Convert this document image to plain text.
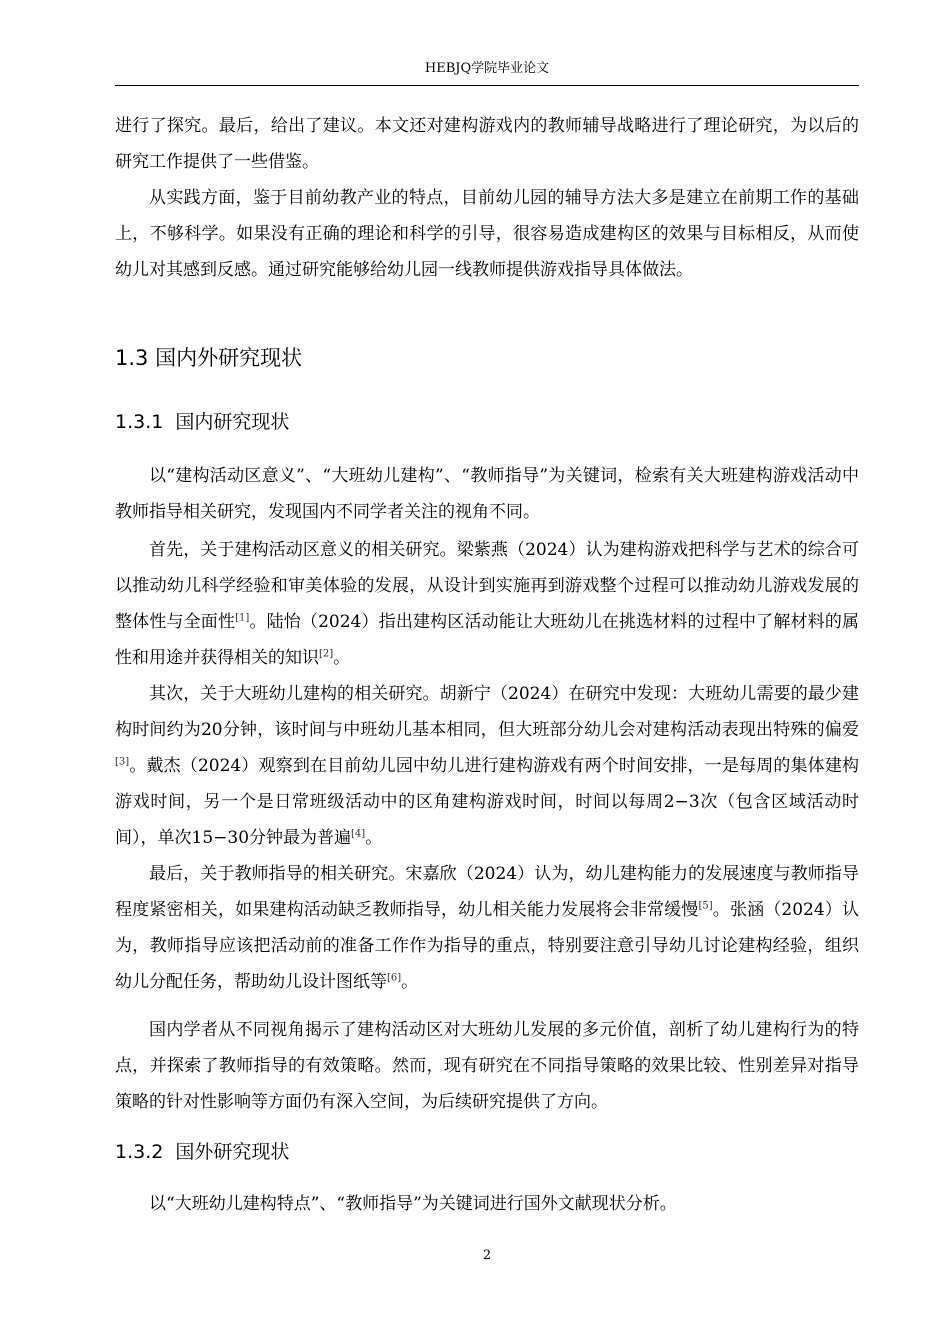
HEBJQ学院毕业论文

进行了探究。最后，给出了建议。本文还对建构游戏内的教师辅导战略进行了理论研究，为以后的研究工作提供了一些借鉴。

从实践方面，鉴于目前幼教产业的特点，目前幼儿园的辅导方法大多是建立在前期工作的基础上，不够科学。如果没有正确的理论和科学的引导，很容易造成建构区的效果与目标相反，从而使幼儿对其感到反感。通过研究能够给幼儿园一线教师提供游戏指导具体做法。

1.3 国内外研究现状
1.3.1 国内研究现状

以“建构活动区意义”、“大班幼儿建构”、“教师指导”为关键词，检索有关大班建构游戏活动中教师指导相关研究，发现国内不同学者关注的视角不同。

首先，关于建构活动区意义的相关研究。梁紫燕（2024）认为建构游戏把科学与艺术的综合可以推动幼儿科学经验和审美体验的发展，从设计到实施再到游戏整个过程可以推动幼儿游戏发展的整体性与全面性[1]。陆怡（2024）指出建构区活动能让大班幼儿在挑选材料的过程中了解材料的属性和用途并获得相关的知识[2]。

其次，关于大班幼儿建构的相关研究。胡新宁（2024）在研究中发现：大班幼儿需要的最少建构时间约为20分钟，该时间与中班幼儿基本相同，但大班部分幼儿会对建构活动表现出特殊的偏爱[3]。戴杰（2024）观察到在目前幼儿园中幼儿进行建构游戏有两个时间安排，一是每周的集体建构游戏时间，另一个是日常班级活动中的区角建构游戏时间，时间以每周2−3次（包含区域活动时间），单次15−30分钟最为普遍[4]。

最后，关于教师指导的相关研究。宋嘉欣（2024）认为，幼儿建构能力的发展速度与教师指导程度紧密相关，如果建构活动缺乏教师指导，幼儿相关能力发展将会非常缓慢[5]。张涵（2024）认为，教师指导应该把活动前的准备工作作为指导的重点，特别要注意引导幼儿讨论建构经验，组织幼儿分配任务，帮助幼儿设计图纸等[6]。

国内学者从不同视角揭示了建构活动区对大班幼儿发展的多元价值，剖析了幼儿建构行为的特点，并探索了教师指导的有效策略。然而，现有研究在不同指导策略的效果比较、性别差异对指导策略的针对性影响等方面仍有深入空间，为后续研究提供了方向。

1.3.2 国外研究现状

以“大班幼儿建构特点”、“教师指导”为关键词进行国外文献现状分析。

2
